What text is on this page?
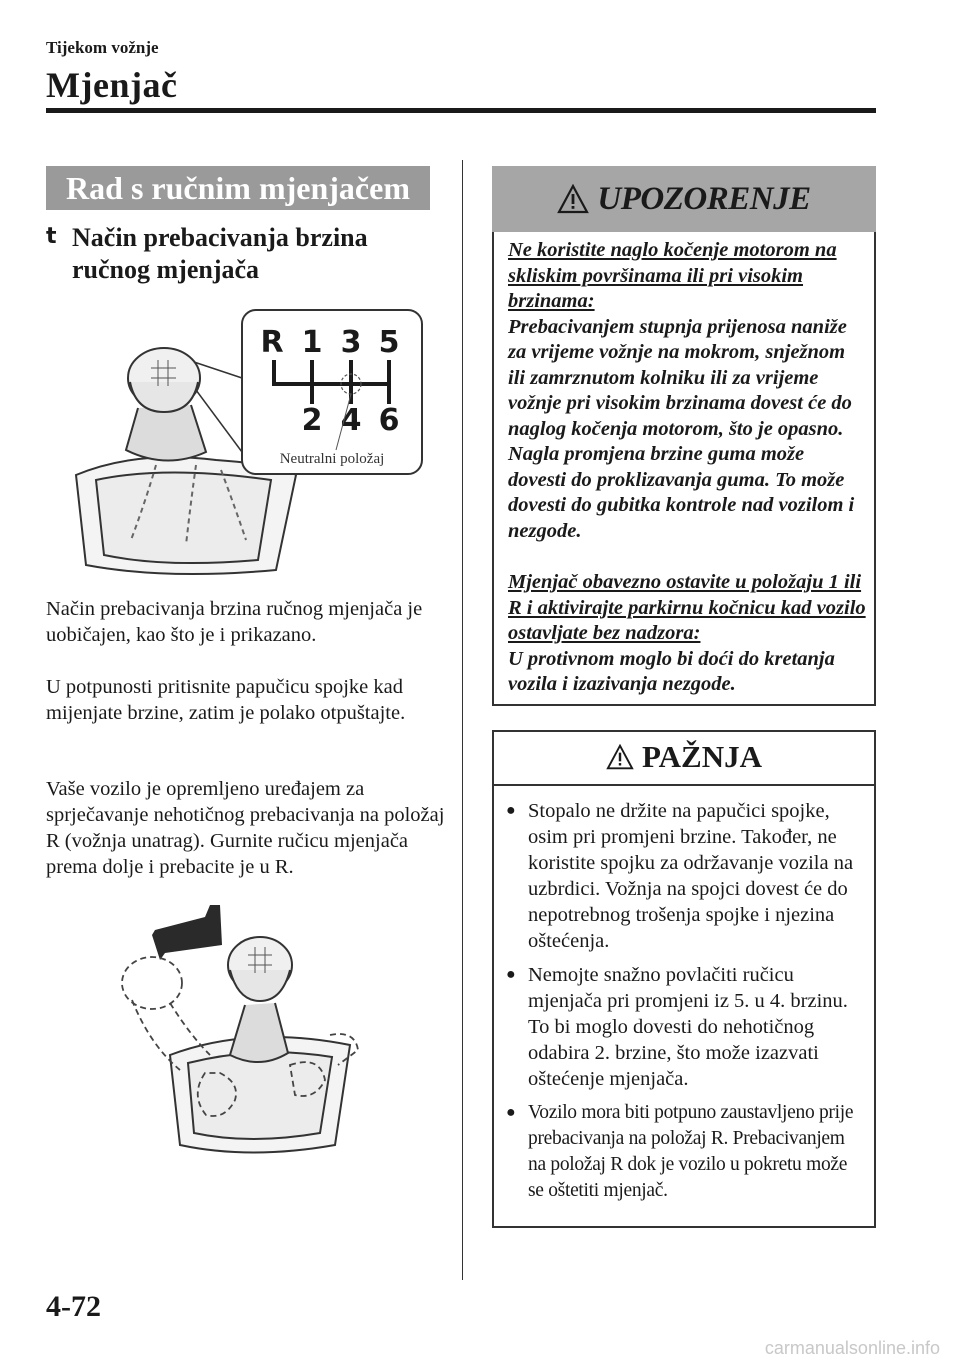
Tijekom vožnje
Mjenjač
Rad s ručnim mjenjačem
t Način prebacivanja brzina ručnog mjenjača
R 1 3 5
2 4 6
Neutralni položaj
Način prebacivanja brzina ručnog mjenjača je uobičajen, kao što je i prikazano.
U potpunosti pritisnite papučicu spojke kad mijenjate brzine, zatim je polako otpuštajte.
Vaše vozilo je opremljeno uređajem za sprječavanje nehotičnog prebacivanja na položaj R (vožnja unatrag). Gurnite ručicu mjenjača prema dolje i prebacite je u R.
UPOZORENJE

Ne koristite naglo kočenje motorom na skliskim površinama ili pri visokim brzinama:

Prebacivanjem stupnja prijenosa naniže za vrijeme vožnje na mokrom, snježnom ili zamrznutom kolniku ili za vrijeme vožnje pri visokim brzinama dovest će do naglog kočenja motorom, što je opasno. Nagla promjena brzine guma može dovesti do proklizavanja guma. To može dovesti do gubitka kontrole nad vozilom i nezgode.

Mjenjač obavezno ostavite u položaju 1 ili R i aktivirajte parkirnu kočnicu kad vozilo ostavljate bez nadzora:

U protivnom moglo bi doći do kretanja vozila i izazivanja nezgode.

PAŽNJA
● Stopalo ne držite na papučici spojke, osim pri promjeni brzine. Također, ne koristite spojku za održavanje vozila na uzbrdici. Vožnja na spojci dovest će do nepotrebnog trošenja spojke i njezina oštećenja.
● Nemojte snažno povlačiti ručicu mjenjača pri promjeni iz 5. u 4. brzinu. To bi moglo dovesti do nehotičnog odabira 2. brzine, što može izazvati oštećenje mjenjača.
● Vozilo mora biti potpuno zaustavljeno prije prebacivanja na položaj R. Prebacivanjem na položaj R dok je vozilo u pokretu može se oštetiti mjenjač.
4-72
carmanualsonline.info
